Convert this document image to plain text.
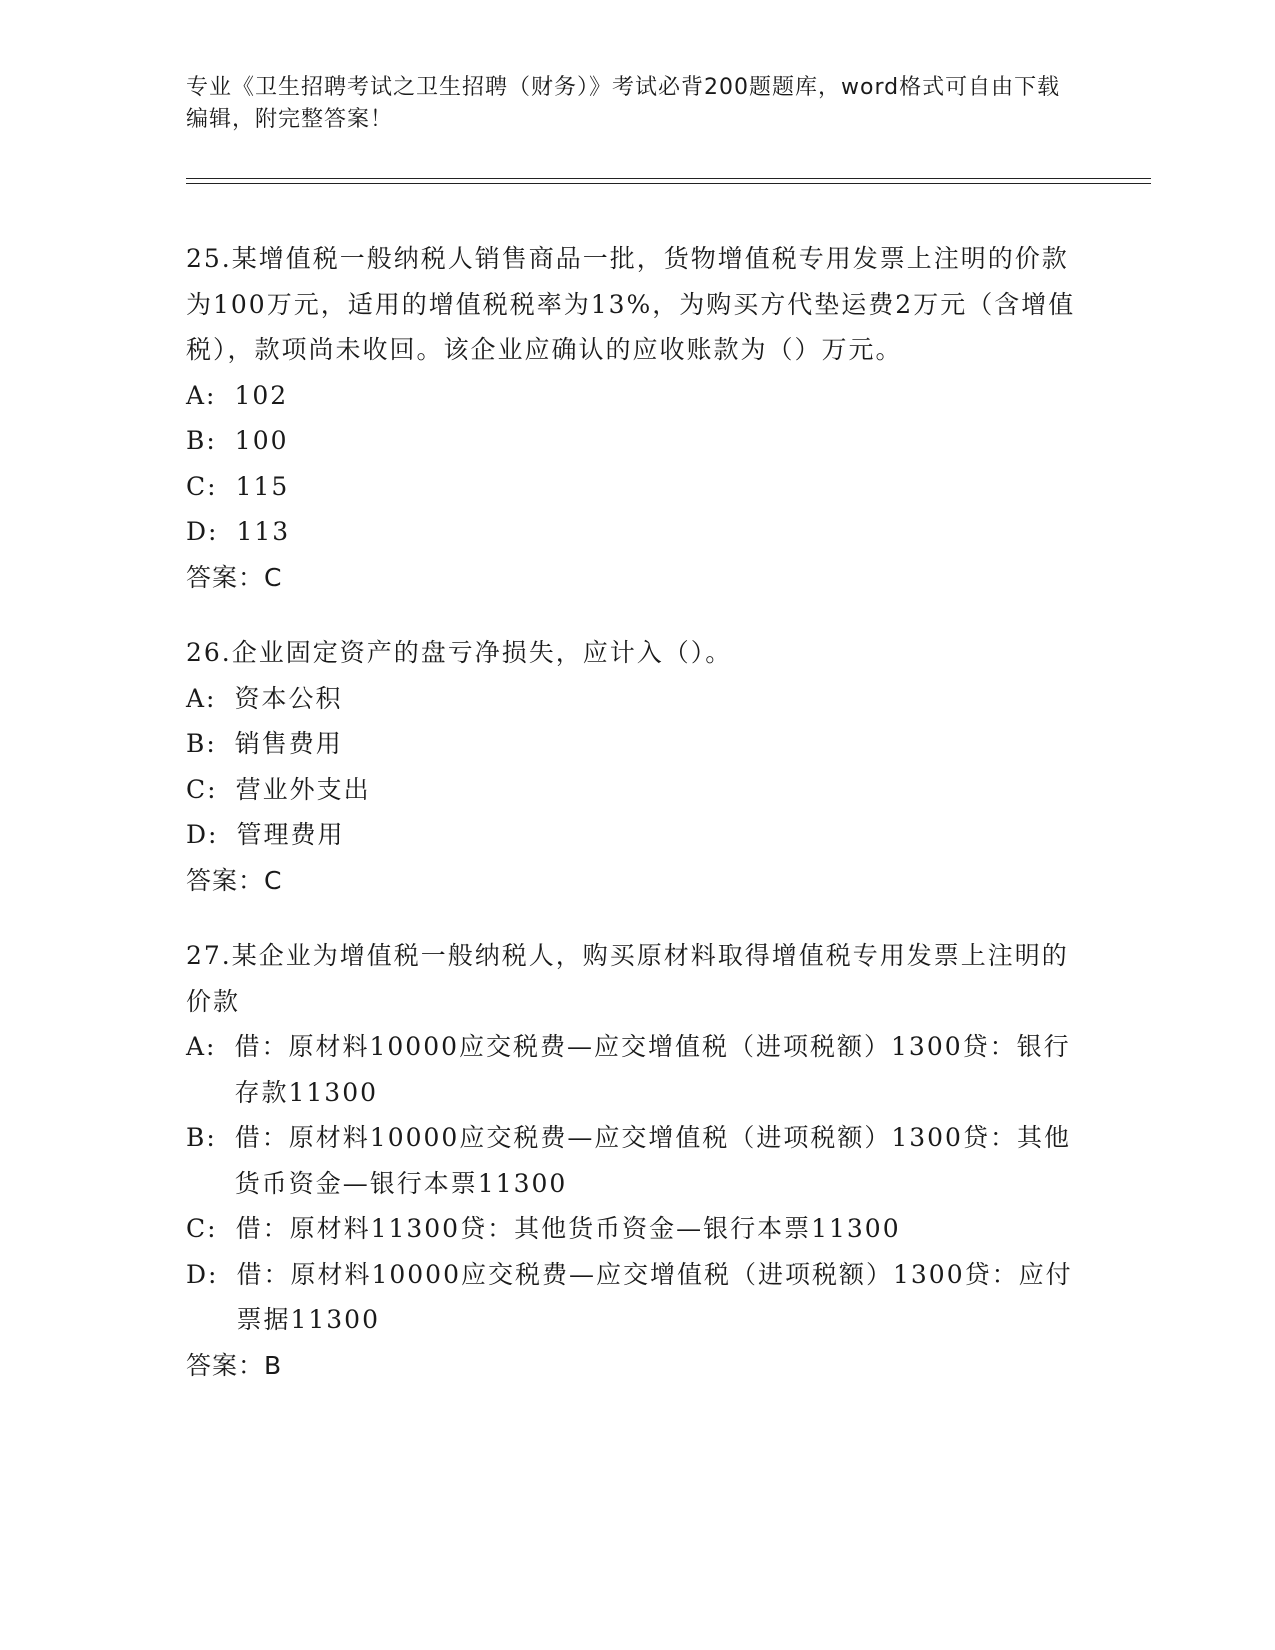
专业《卫生招聘考试之卫生招聘（财务）》考试必背200题题库，word格式可自由下载编辑，附完整答案！

25.某增值税一般纳税人销售商品一批，货物增值税专用发票上注明的价款为100万元，适用的增值税税率为13%，为购买方代垫运费2万元（含增值税），款项尚未收回。该企业应确认的应收账款为（）万元。

A: 102
B: 100
C: 115
D: 113

答案：C

26.企业固定资产的盘亏净损失，应计入（）。

A: 资本公积
B: 销售费用
C: 营业外支出
D: 管理费用

答案：C

27.某企业为增值税一般纳税人，购买原材料取得增值税专用发票上注明的价款

A: 借：原材料10000应交税费—应交增值税（进项税额）1300贷：银行存款11300
B: 借：原材料10000应交税费—应交增值税（进项税额）1300贷：其他货币资金—银行本票11300
C: 借：原材料11300贷：其他货币资金—银行本票11300
D: 借：原材料10000应交税费—应交增值税（进项税额）1300贷：应付票据11300

答案：B
